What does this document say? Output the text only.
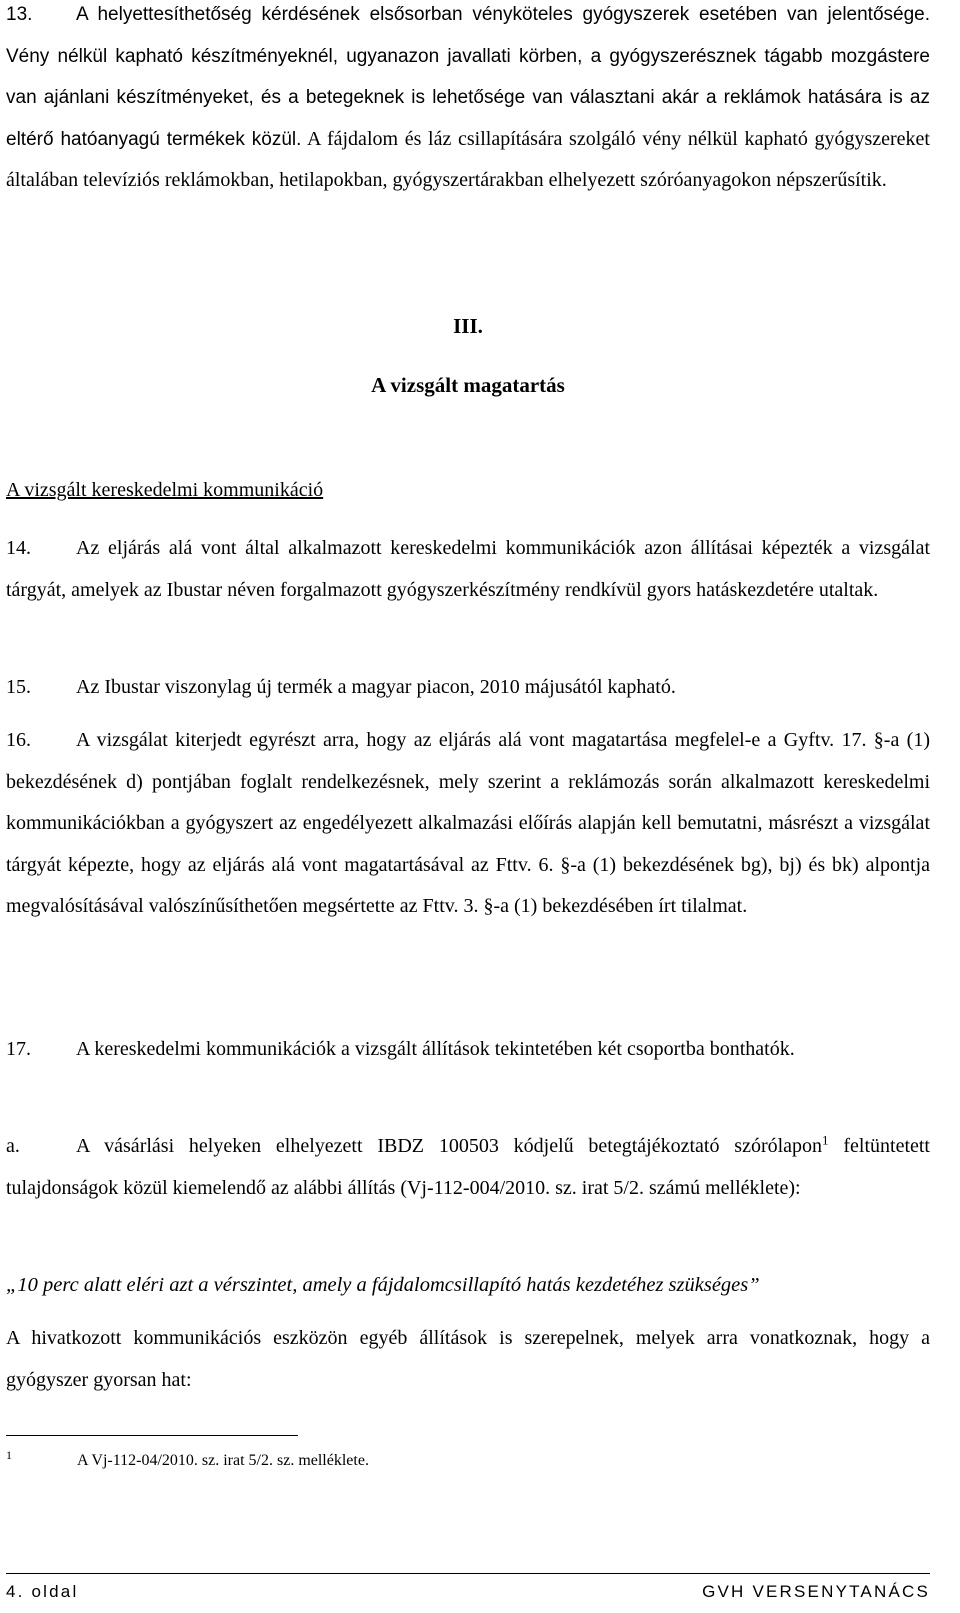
13. A helyettesíthetőség kérdésének elsősorban vényköteles gyógyszerek esetében van jelentősége. Vény nélkül kapható készítményeknél, ugyanazon javallati körben, a gyógyszerésznek tágabb mozgástere van ajánlani készítményeket, és a betegeknek is lehetősége van választani akár a reklámok hatására is az eltérő hatóanyagú termékek közül. A fájdalom és láz csillapítására szolgáló vény nélkül kapható gyógyszereket általában televíziós reklámokban, hetilapokban, gyógyszertárakban elhelyezett szóróanyagokon népszerűsítik.

III.

A vizsgált magatartás

A vizsgált kereskedelmi kommunikáció

14. Az eljárás alá vont által alkalmazott kereskedelmi kommunikációk azon állításai képezték a vizsgálat tárgyát, amelyek az Ibustar néven forgalmazott gyógyszerkészítmény rendkívül gyors hatáskezdetére utaltak.

15. Az Ibustar viszonylag új termék a magyar piacon, 2010 májusától kapható.

16. A vizsgálat kiterjedt egyrészt arra, hogy az eljárás alá vont magatartása megfelel-e a Gyftv. 17. §-a (1) bekezdésének d) pontjában foglalt rendelkezésnek, mely szerint a reklámozás során alkalmazott kereskedelmi kommunikációkban a gyógyszert az engedélyezett alkalmazási előírás alapján kell bemutatni, másrészt a vizsgálat tárgyát képezte, hogy az eljárás alá vont magatartásával az Fttv. 6. §-a (1) bekezdésének bg), bj) és bk) alpontja megvalósításával valószínűsíthetően megsértette az Fttv. 3. §-a (1) bekezdésében írt tilalmat.

17. A kereskedelmi kommunikációk a vizsgált állítások tekintetében két csoportba bonthatók.

a.	A vásárlási helyeken elhelyezett IBDZ 100503 kódjelű betegtájékoztató szórólapon$^1$ feltüntetett tulajdonságok közül kiemelendő az alábbi állítás (Vj-112-004/2010. sz. irat 5/2. számú melléklete):

„10 perc alatt eléri azt a vérszintet, amely a fájdalomcsillapító hatás kezdetéhez szükséges”

A hivatkozott kommunikációs eszközön egyéb állítások is szerepelnek, melyek arra vonatkoznak, hogy a gyógyszer gyorsan hat:

1	A Vj-112-04/2010. sz. irat 5/2. sz. melléklete.
4. oldal	GVH VERSENYTANÁCS
